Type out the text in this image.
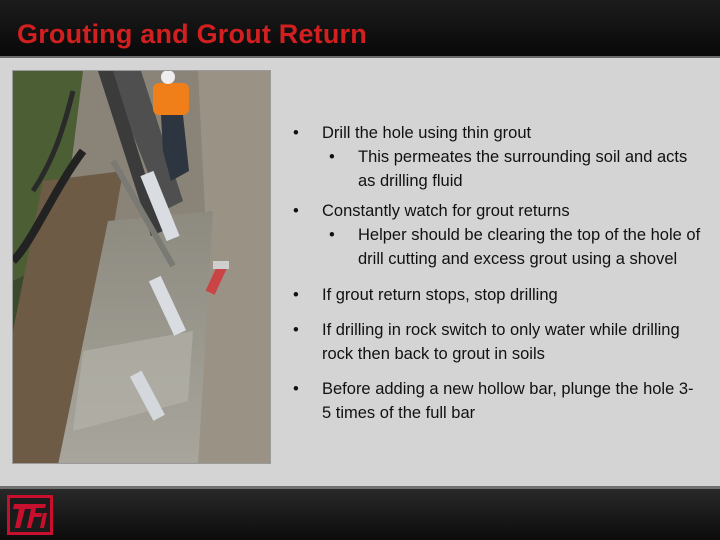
Grouting and Grout Return
• Drill the hole using thin grout
• This permeates the surrounding soil and acts as drilling fluid
• Constantly watch for grout returns
• Helper should be clearing the top of the hole of drill cutting and excess grout using a shovel
• If grout return stops, stop drilling
• If drilling in rock switch to only water while drilling rock then back to grout in soils
• Before adding a new hollow bar, plunge the hole 3-5 times of the full bar
